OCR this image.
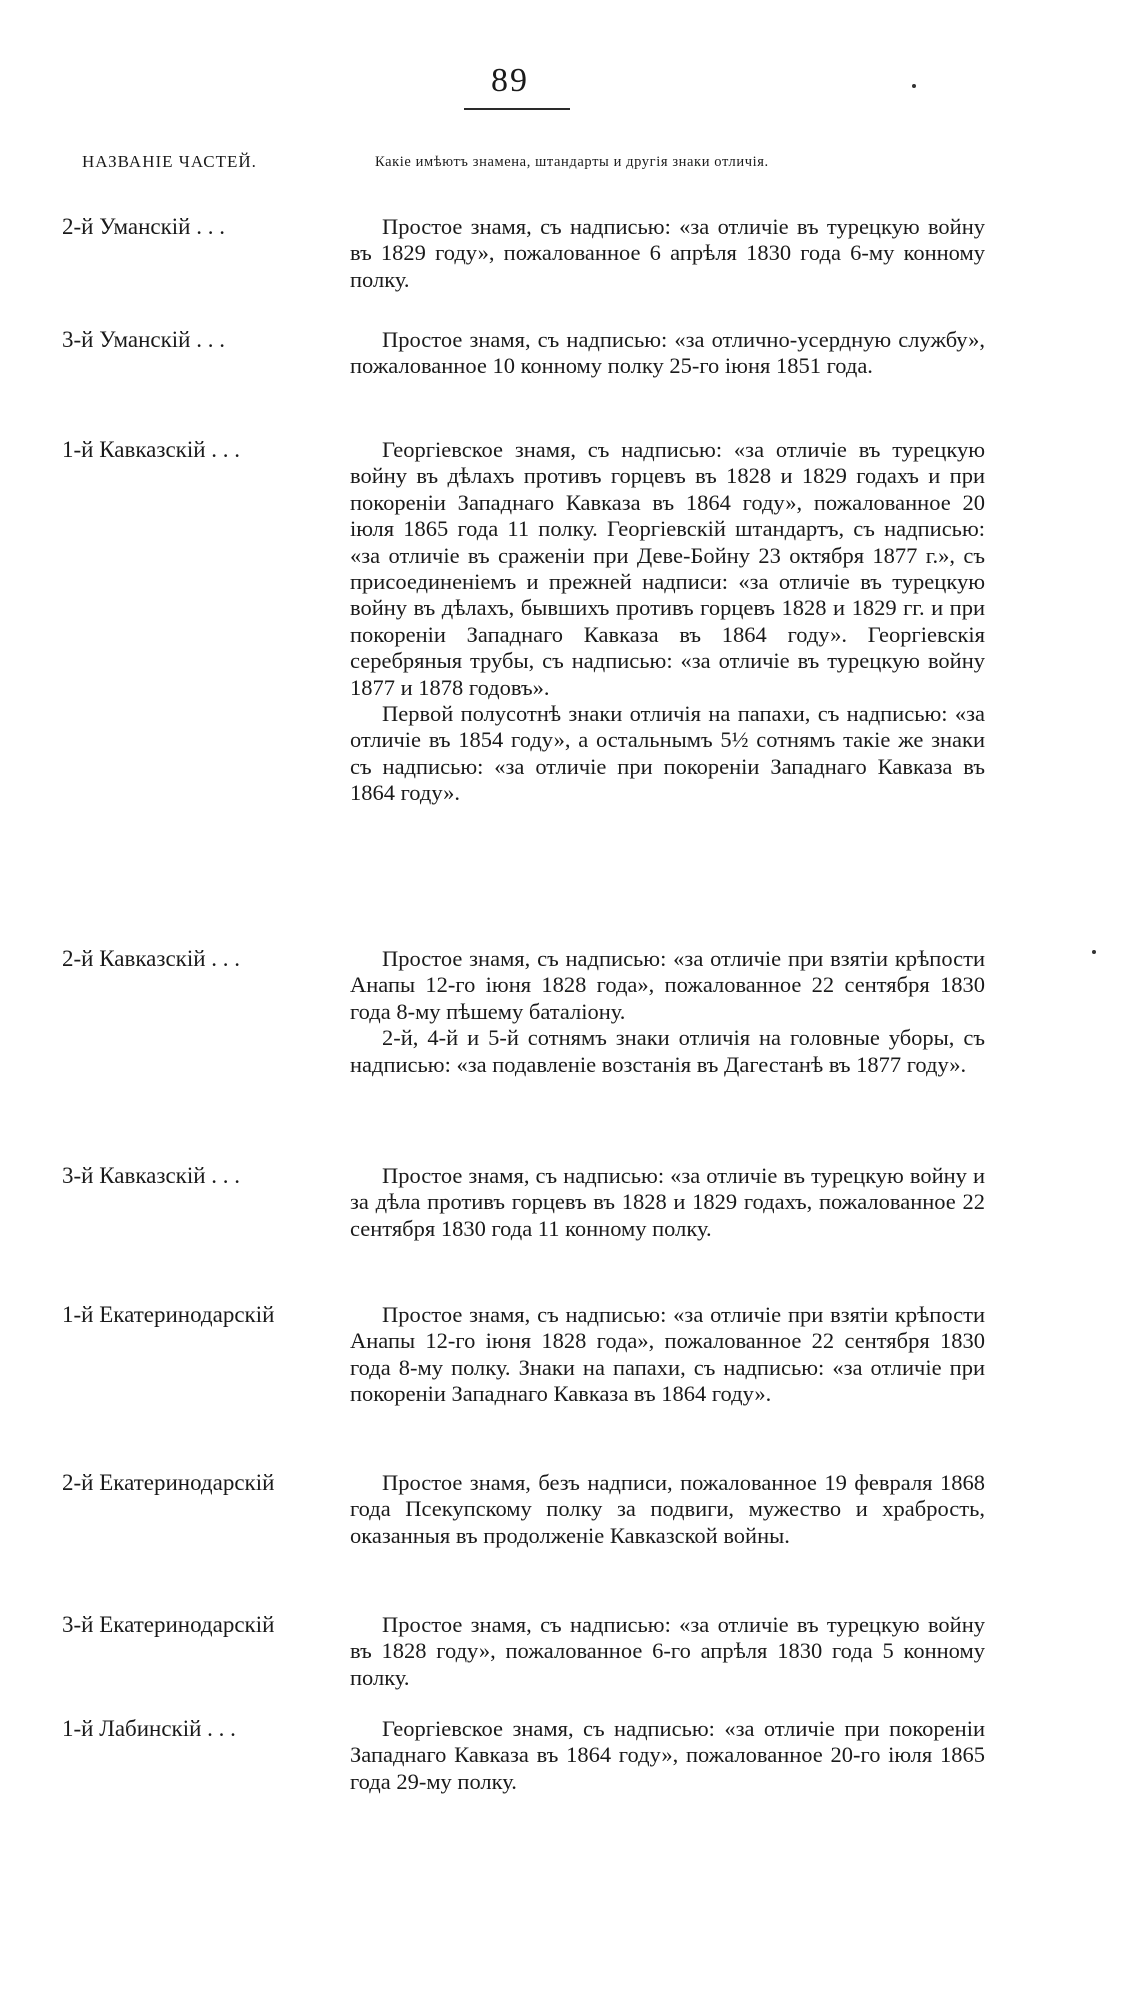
89
НАЗВАНІЕ ЧАСТЕЙ.	Какіе имѣютъ знамена, штандарты и другія знаки отличія.
2-й Уманскій . . .	Простое знамя, съ надписью: «за отличіе въ турецкую войну въ 1829 году», пожалованное 6 апрѣля 1830 года 6-му конному полку.

3-й Уманскій . . .	Простое знамя, съ надписью: «за отлично-усердную службу», пожалованное 10 конному полку 25-го іюня 1851 года.

1-й Кавказскій . . .	Георгіевское знамя, съ надписью: «за отличіе въ турецкую войну въ дѣлахъ противъ горцевъ въ 1828 и 1829 годахъ и при покореніи Западнаго Кавказа въ 1864 году», пожалованное 20 іюля 1865 года 11 полку. Георгіевскій штандартъ, съ надписью: «за отличіе въ сраженіи при Деве-Бойну 23 октября 1877 г.», съ присоединеніемъ и прежней надписи: «за отличіе въ турецкую войну въ дѣлахъ, бывшихъ противъ горцевъ 1828 и 1829 гг. и при покореніи Западнаго Кавказа въ 1864 году». Георгіевскія серебряныя трубы, съ надписью: «за отличіе въ турецкую войну 1877 и 1878 годовъ».

Первой полусотнѣ знаки отличія на папахи, съ надписью: «за отличіе въ 1854 году», а остальнымъ 5½ сотнямъ такіе же знаки съ надписью: «за отличіе при покореніи Западнаго Кавказа въ 1864 году».

2-й Кавказскій . . .	Простое знамя, съ надписью: «за отличіе при взятіи крѣпости Анапы 12-го іюня 1828 года», пожалованное 22 сентября 1830 года 8-му пѣшему баталіону.

2-й, 4-й и 5-й сотнямъ знаки отличія на головные уборы, съ надписью: «за подавленіе возстанія въ Дагестанѣ въ 1877 году».

3-й Кавказскій . . .	Простое знамя, съ надписью: «за отличіе въ турецкую войну и за дѣла противъ горцевъ въ 1828 и 1829 годахъ, пожалованное 22 сентября 1830 года 11 конному полку.

1-й Екатеринодарскій	Простое знамя, съ надписью: «за отличіе при взятіи крѣпости Анапы 12-го іюня 1828 года», пожалованное 22 сентября 1830 года 8-му полку. Знаки на папахи, съ надписью: «за отличіе при покореніи Западнаго Кавказа въ 1864 году».

2-й Екатеринодарскій	Простое знамя, безъ надписи, пожалованное 19 февраля 1868 года Псекупскому полку за подвиги, мужество и храбрость, оказанныя въ продолженіе Кавказской войны.

3-й Екатеринодарскій	Простое знамя, съ надписью: «за отличіе въ турецкую войну въ 1828 году», пожалованное 6-го апрѣля 1830 года 5 конному полку.

1-й Лабинскій . . .	Георгіевское знамя, съ надписью: «за отличіе при покореніи Западнаго Кавказа въ 1864 году», пожалованное 20-го іюля 1865 года 29-му полку.
